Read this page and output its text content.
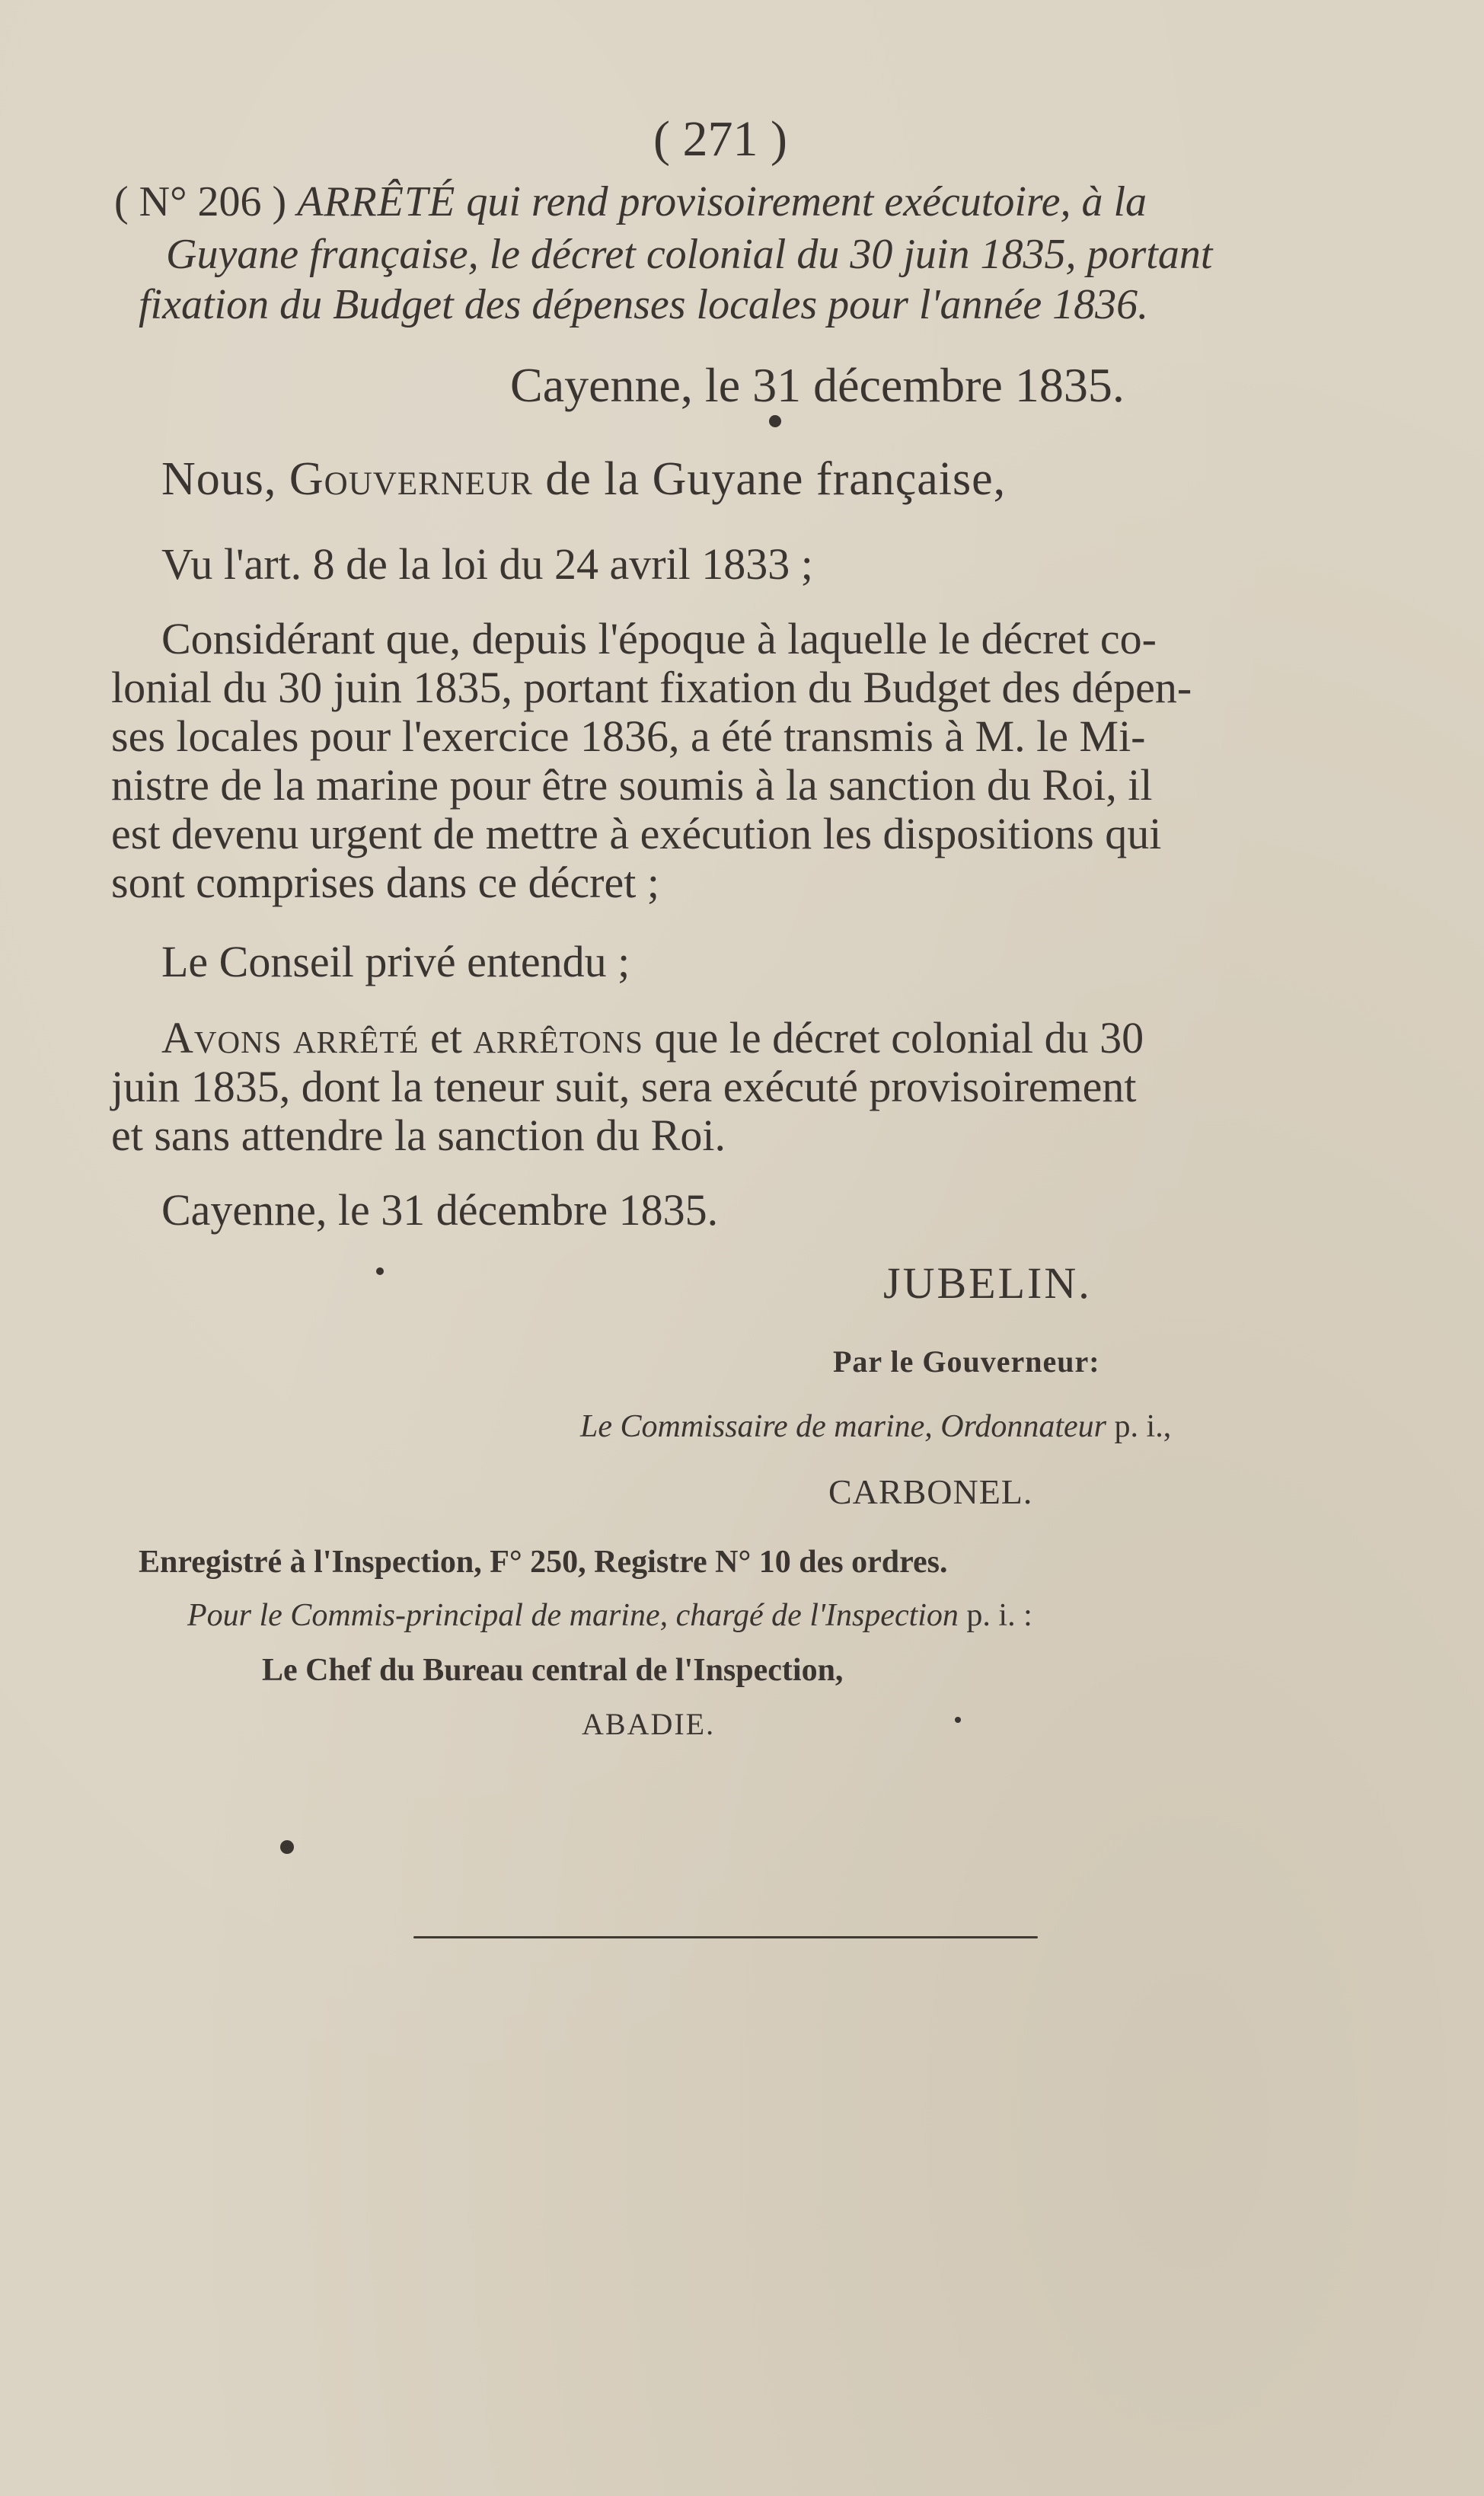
( 271 )
( N° 206 ) ARRÊTÉ qui rend provisoirement exécutoire, à la
Guyane française, le décret colonial du 30 juin 1835, portant
fixation du Budget des dépenses locales pour l'année 1836.
Cayenne, le 31 décembre 1835.
Nous, Gouverneur de la Guyane française,
Vu l'art. 8 de la loi du 24 avril 1833 ;
Considérant que, depuis l'époque à laquelle le décret co-
lonial du 30 juin 1835, portant fixation du Budget des dépen-
ses locales pour l'exercice 1836, a été transmis à M. le Mi-
nistre de la marine pour être soumis à la sanction du Roi, il
est devenu urgent de mettre à exécution les dispositions qui
sont comprises dans ce décret ;
Le Conseil privé entendu ;
Avons arrêté et arrêtons que le décret colonial du 30
juin 1835, dont la teneur suit, sera exécuté provisoirement
et sans attendre la sanction du Roi.
Cayenne, le 31 décembre 1835.
JUBELIN.
Par le Gouverneur:
Le Commissaire de marine, Ordonnateur p. i.,
CARBONEL.
Enregistré à l'Inspection, F° 250, Registre N° 10 des ordres.
Pour le Commis-principal de marine, chargé de l'Inspection p. i. :
Le Chef du Bureau central de l'Inspection,
ABADIE.
